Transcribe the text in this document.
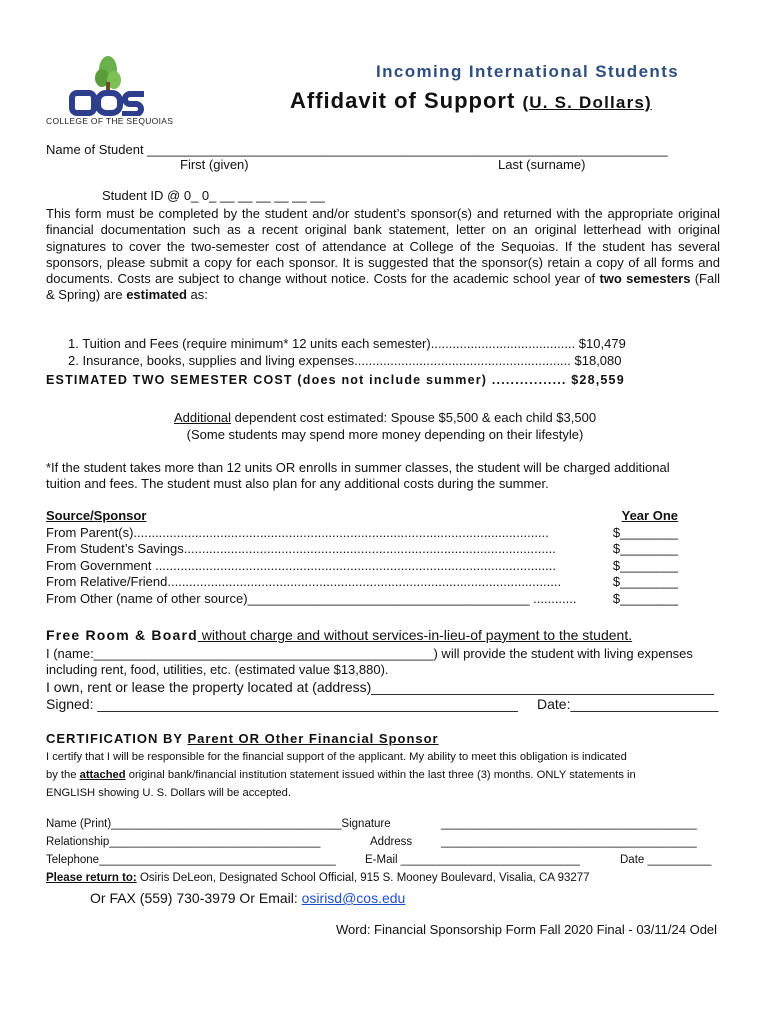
COLLEGE OF THE SEQUOIAS
Incoming International Students
Affidavit of Support (U. S. Dollars)
Name of Student ________________________________________________________________________
First (given)	Last (surname)
Student ID @ 0_ 0_ __ __ __ __ __ __
This form must be completed by the student and/or student’s sponsor(s) and returned with the appropriate original financial documentation such as a recent original bank statement, letter on an original letterhead with original signatures to cover the two-semester cost of attendance at College of the Sequoias. If the student has several sponsors, please submit a copy for each sponsor. It is suggested that the sponsor(s) retain a copy of all forms and documents. Costs are subject to change without notice. Costs for the academic school year of two semesters (Fall & Spring) are estimated as:
1. Tuition and Fees (require minimum* 12 units each semester)........................................ $10,479
2. Insurance, books, supplies and living expenses............................................................ $18,080
ESTIMATED TWO SEMESTER COST (does not include summer) ................ $28,559
Additional dependent cost estimated: Spouse $5,500 & each child $3,500
(Some students may spend more money depending on their lifestyle)
*If the student takes more than 12 units OR enrolls in summer classes, the student will be charged additional
tuition and fees. The student must also plan for any additional costs during the summer.
Source/Sponsor	Year One
From Parent(s)...................................................................................................................	$________
From Student’s Savings.......................................................................................................	$________
From Government ...............................................................................................................	$________
From Relative/Friend.............................................................................................................	$________
From Other (name of other source)_______________________________________ ............	$________
Free Room & Board without charge and without services-in-lieu-of payment to the student.
I (name:_______________________________________________) will provide the student with living expenses
including rent, food, utilities, etc. (estimated value $13,880).
I own, rent or lease the property located at (address)____________________________________________
Signed: ______________________________________________________ Date:___________________
CERTIFICATION BY Parent OR Other Financial Sponsor
I certify that I will be responsible for the financial support of the applicant. My ability to meet this obligation is indicated
by the attached original bank/financial institution statement issued within the last three (3) months. ONLY statements in
ENGLISH showing U. S. Dollars will be accepted.
Name (Print)____________________________________Signature	________________________________________
Relationship_________________________________	Address	________________________________________
Telephone_____________________________________	E-Mail ____________________________	Date __________
Please return to: Osiris DeLeon, Designated School Official, 915 S. Mooney Boulevard, Visalia, CA 93277
Or FAX (559) 730-3979 Or Email: osirisd@cos.edu
Word: Financial Sponsorship Form Fall 2020 Final - 03/11/24 Odel
